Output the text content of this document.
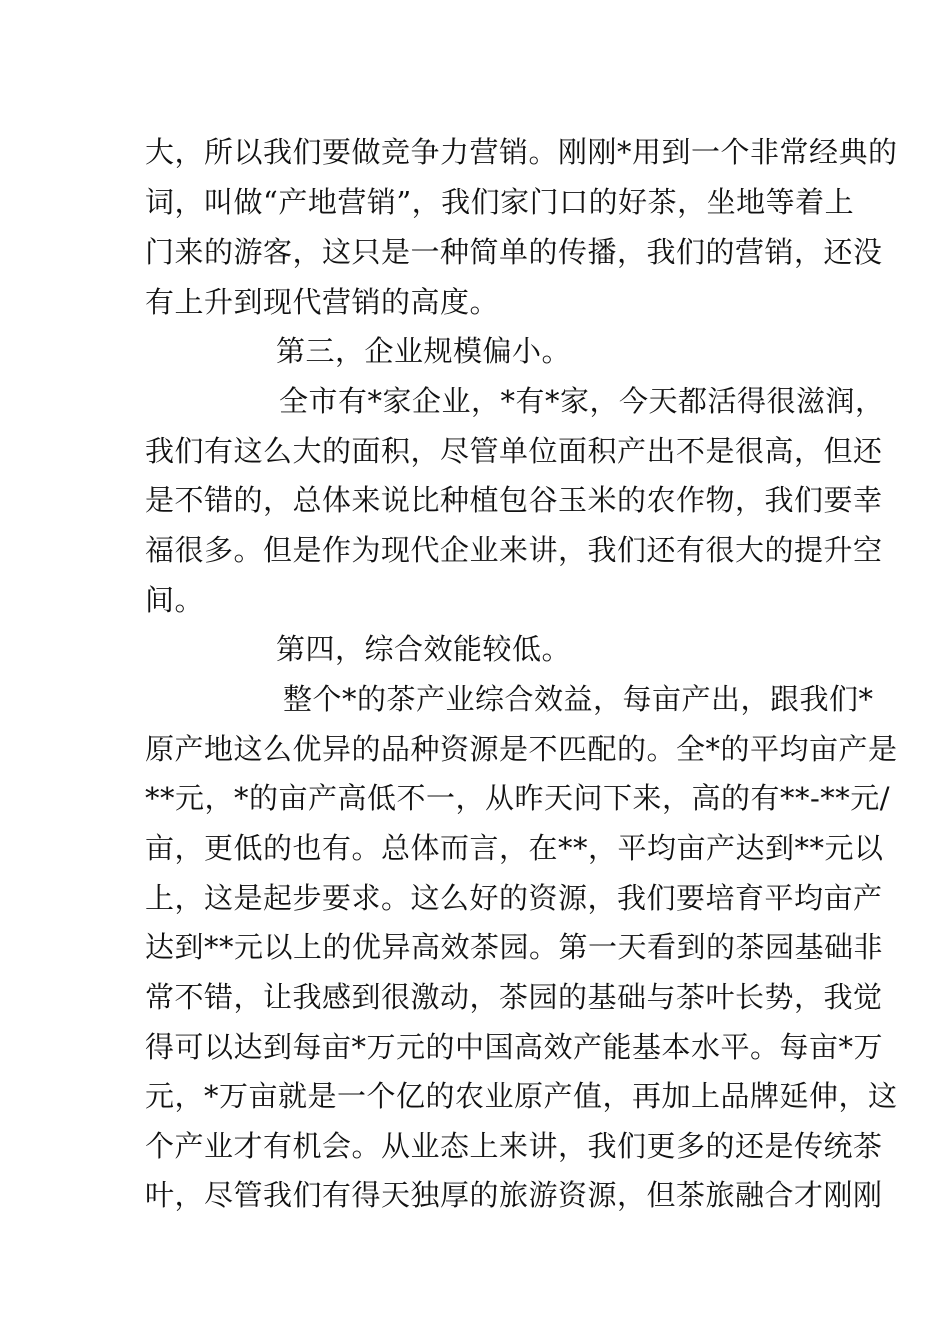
大，所以我们要做竞争力营销。刚刚*用到一个非常经典的
词，叫做“产地营销”，我们家门口的好茶，坐地等着上
门来的游客，这只是一种简单的传播，我们的营销，还没
有上升到现代营销的高度。
第三，企业规模偏小。
全市有*家企业，*有*家，今天都活得很滋润，
我们有这么大的面积，尽管单位面积产出不是很高，但还
是不错的，总体来说比种植包谷玉米的农作物，我们要幸
福很多。但是作为现代企业来讲，我们还有很大的提升空
间。
第四，综合效能较低。
整个*的茶产业综合效益，每亩产出，跟我们*
原产地这么优异的品种资源是不匹配的。全*的平均亩产是
**元，*的亩产高低不一，从昨天问下来，高的有**-**元/
亩，更低的也有。总体而言，在**，平均亩产达到**元以
上，这是起步要求。这么好的资源，我们要培育平均亩产
达到**元以上的优异高效茶园。第一天看到的茶园基础非
常不错，让我感到很激动，茶园的基础与茶叶长势，我觉
得可以达到每亩*万元的中国高效产能基本水平。每亩*万
元，*万亩就是一个亿的农业原产值，再加上品牌延伸，这
个产业才有机会。从业态上来讲，我们更多的还是传统茶
叶，尽管我们有得天独厚的旅游资源，但茶旅融合才刚刚
